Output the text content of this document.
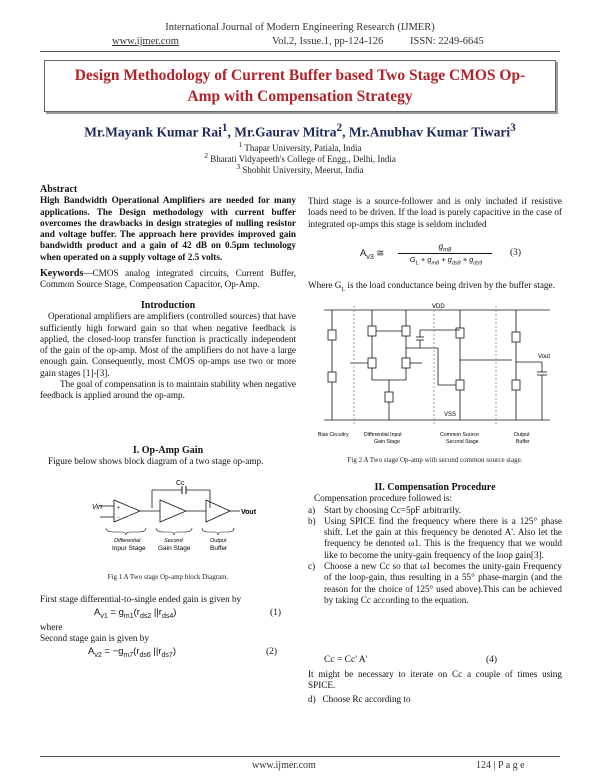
International Journal of Modern Engineering Research (IJMER)
www.ijmer.com	Vol.2, Issue.1, pp-124-126	ISSN: 2249-6645
Design Methodology of Current Buffer based Two Stage CMOS Op-
Amp with Compensation Strategy
Mr.Mayank Kumar Rai$^1$, Mr.Gaurav Mitra$^2$, Mr.Anubhav Kumar Tiwari$^3$
$^1$ Thapar University, Patiala, India
$^2$ Bharati Vidyapeeth's College of Engg., Delhi, India
$^3$ Shobhit University, Meerut, India
Abstract
High Bandwidth Operational Amplifiers are needed for many applications. The Design methodology with current buffer overcomes the drawbacks in design strategies of nulling resistor and voltage buffer. The approach here provides improved gain bandwidth product and a gain of 42 dB on 0.5µm technology when operated on a supply voltage of 2.5 volts.
Keywords—CMOS analog integrated circuits, Current Buffer, Common Source Stage, Compensation Capacitor, Op-Amp.
Introduction
Operational amplifiers are amplifiers (controlled sources) that have sufficiently high forward gain so that when negative feedback is applied, the closed-loop transfer function is practically independent of the gain of the op-amp. Most of the amplifiers do not have a large enough gain. Consequently, most CMOS op-amps use two or more gain stages [1]-[3].
The goal of compensation is to maintain stability when negative feedback is applied around the op-amp.
I. Op-Amp Gain
Figure below shows block diagram of a two stage op-amp.
Cc
+
−
Vin
Vout
Differential
Inpur Stage
Second
Gain Stage
Output
Buffer
Fig 1 A Two stage Op-amp block Diagram.
First stage differential-to-single ended gain is given by
$A_{v1} = g_{m1}(r_{ds2}$ $||r_{ds4}$)	(1)
where
Second stage gain is given by
$A_{v2} = -g_{m7}(r_{ds6}$ $||r_{ds7}$)	(2)
Third stage is a source-follower and is only included if resistive loads need to be driven. If the load is purely capacitive in the case of integrated op-amps this stage is seldom included
$A_{v3}$ ≅
$g_{m8}$
$G_L + g_{m8} + g_{ds8} + g_{ds9}$
(3)
Where $G_L$ is the load conductance being driven by the buffer stage.
VDD
VSS
Vout
Bias Circuitry	Differential Input
Gain Stage
Common Source
Second Stage
Output
Buffer
Fig 2 A Two stage Op-amp with second common source stage.
II. Compensation Procedure
Compensation procedure followed is:
a) Start by choosing Cc=5pF arbitrarily.
b) Using SPICE find the frequency where there is a 125° phase shift. Let the gain at this frequency be denoted A'. Also let the frequency be denoted ω1. This is the frequency that we would like to become the unity-gain frequency of the loop gain[3].
c) Choose a new Cc so that ω1 becomes the unity-gain Frequency of the loop-gain, thus resulting in a 55° phase-margin (and the reason for the choice of 125° used above).This can be achieved by taking Cc according to the equation.
Cc = Cc' A'	(4)
It might be necessary to iterate on Cc a couple of times using SPICE.
d) Choose Rc according to
www.ijmer.com	124 | P a g e
